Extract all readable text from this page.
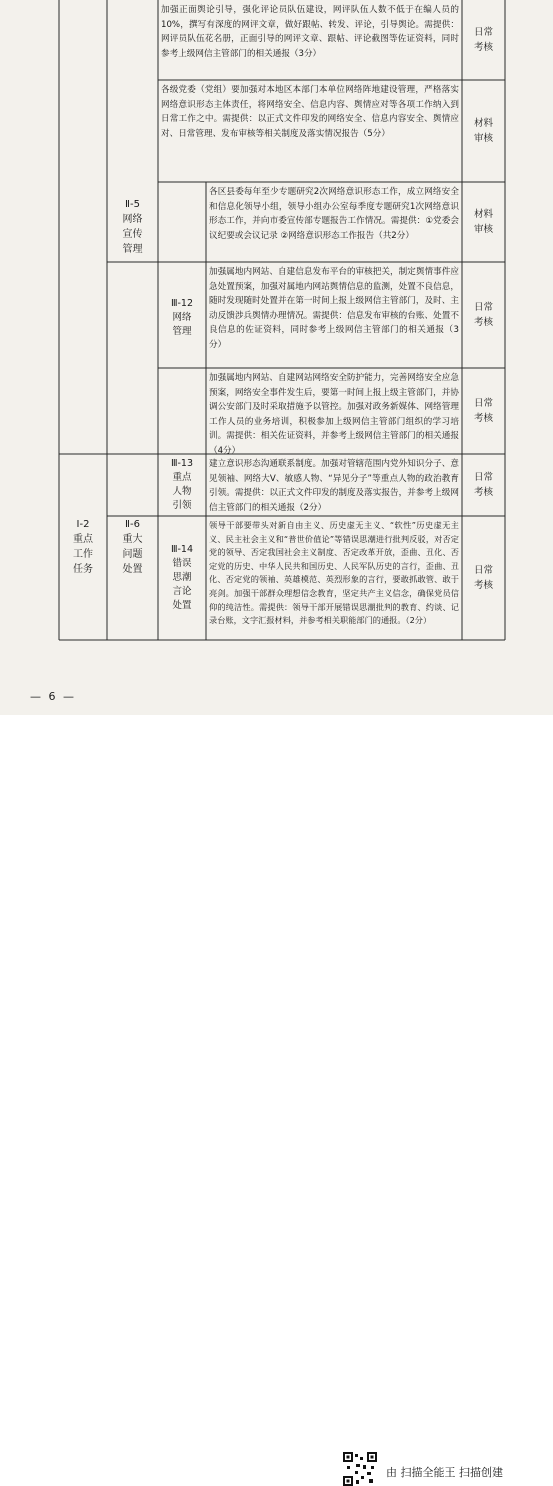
Ⅰ-2
重点
工作
任务
Ⅱ-5
网络
宣传
管理
Ⅱ-6
重大
问题
处置
加强正面舆论引导，强化评论员队伍建设，网评队伍人数不低于在编人员的10%，撰写有深度的网评文章，做好跟帖、转发、评论，引导舆论。需提供：网评员队伍花名册，正面引导的网评文章、跟帖、评论截图等佐证资料，同时参考上级网信主管部门的相关通报（3分）
日常
考核
各级党委（党组）要加强对本地区本部门本单位网络阵地建设管理，严格落实网络意识形态主体责任，将网络安全、信息内容、舆情应对等各项工作纳入到日常工作之中。需提供：以正式文件印发的网络安全、信息内容安全、舆情应对、日常管理、发布审核等相关制度及落实情况报告（5分）
材料
审核
各区县委每年至少专题研究2次网络意识形态工作，成立网络安全和信息化领导小组，领导小组办公室每季度专题研究1次网络意识形态工作，并向市委宣传部专题报告工作情况。需提供：①党委会议纪要或会议记录 ②网络意识形态工作报告（共2分）
材料
审核
加强属地内网站、自建信息发布平台的审核把关，制定舆情事件应急处置预案，加强对属地内网站舆情信息的监测，处置不良信息，随时发现随时处置并在第一时间上报上级网信主管部门，及时、主动反馈涉兵舆情办理情况。需提供：信息发布审核的台账、处置不良信息的佐证资料，同时参考上级网信主管部门的相关通报（3分）
日常
考核
加强属地内网站、自建网站网络安全防护能力，完善网络安全应急预案，网络安全事件发生后，要第一时间上报上级主管部门，并协调公安部门及时采取措施予以管控。加强对政务新媒体、网络管理工作人员的业务培训，积极参加上级网信主管部门组织的学习培训。需提供：相关佐证资料，并参考上级网信主管部门的相关通报（4分）
日常
考核
建立意识形态沟通联系制度。加强对管辖范围内党外知识分子、意见领袖、网络大V、敏感人物、“异见分子”等重点人物的政治教育引领。需提供：以正式文件印发的制度及落实报告，并参考上级网信主管部门的相关通报（2分）
日常
考核
领导干部要带头对新自由主义、历史虚无主义、“软性”历史虚无主义、民主社会主义和“普世价值论”等错误思潮进行批判反驳，对否定党的领导、否定我国社会主义制度、否定改革开放，歪曲、丑化、否定党的历史、中华人民共和国历史、人民军队历史的言行，歪曲、丑化、否定党的领袖、英雄模范、英烈形象的言行，要敢抓敢管、敢于亮剑。加强干部群众理想信念教育，坚定共产主义信念，确保党员信仰的纯洁性。需提供：领导干部开展错误思潮批判的教育、约谈、记录台账，文字汇报材料，并参考相关职能部门的通报。（2分）
日常
考核
— 6 —
Ⅲ-12
网络
管理
Ⅲ-13
重点
人物
引领
Ⅲ-14
错误
思潮
言论
处置
由 扫描全能王 扫描创建
